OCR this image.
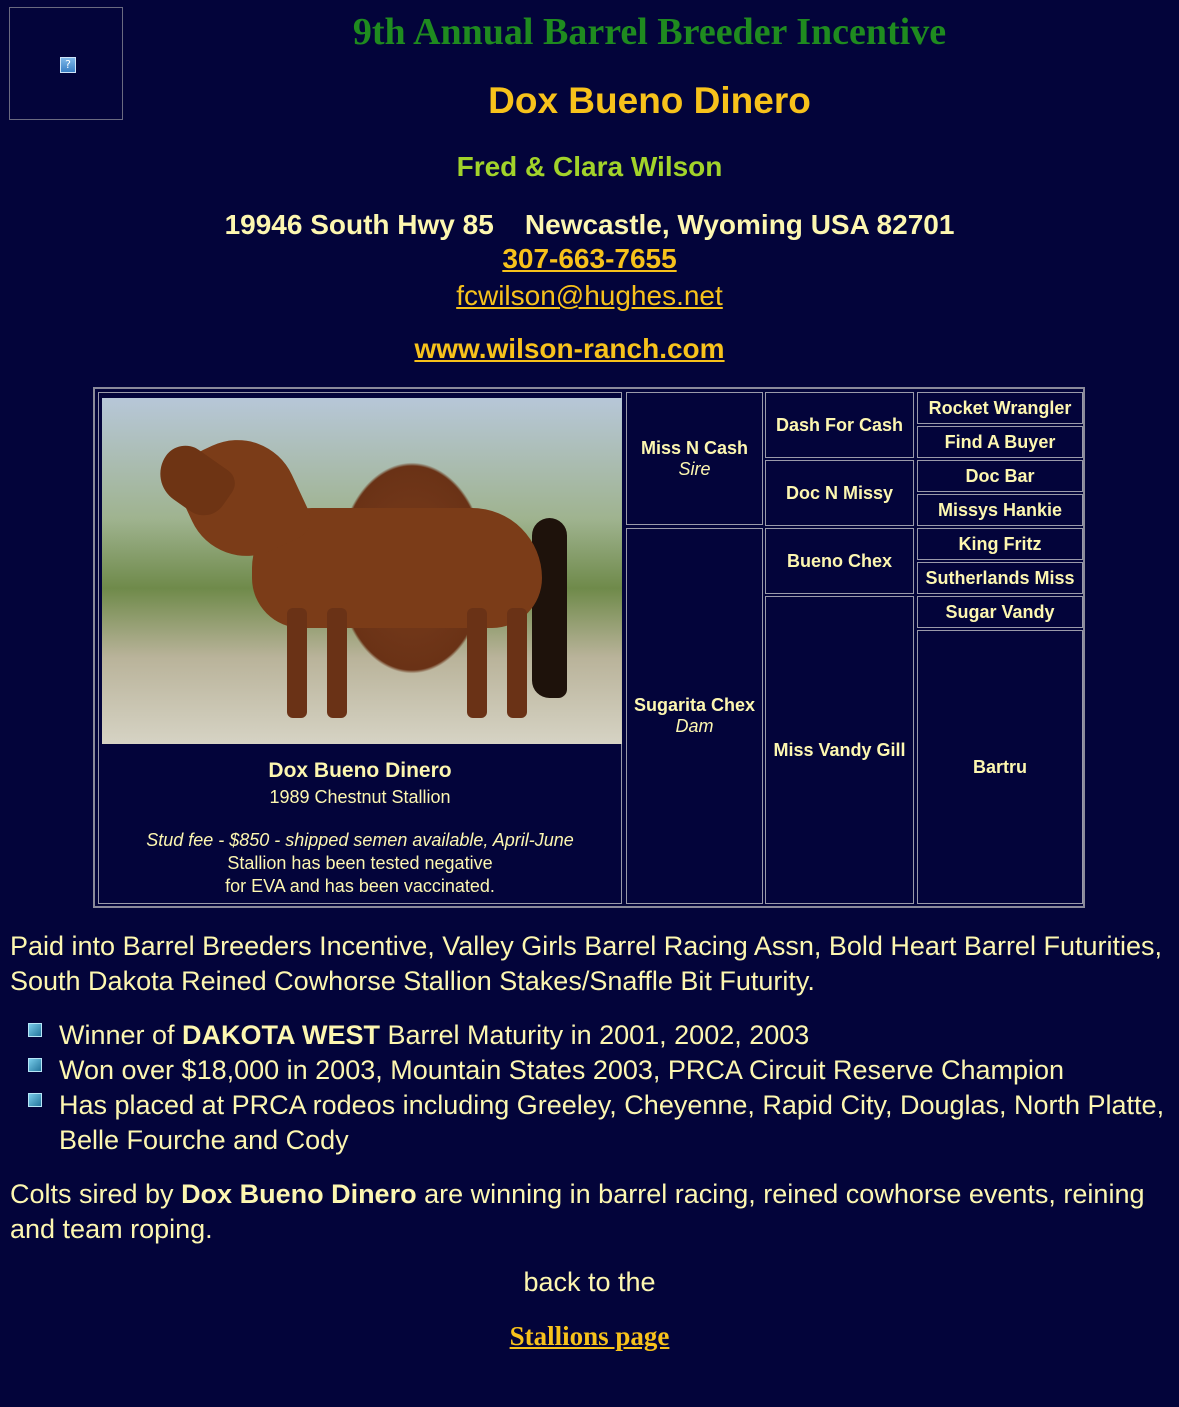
?
9th Annual Barrel Breeder Incentive
Dox Bueno Dinero
Fred & Clara Wilson
19946 South Hwy 85    Newcastle, Wyoming USA 82701
307-663-7655
fcwilson@hughes.net
www.wilson-ranch.com
Dox Bueno Dinero
1989 Chestnut Stallion
Stud fee - $850 - shipped semen available, April-June
Stallion has been tested negative
for EVA and has been vaccinated.
Miss N Cash
Sire
Sugarita Chex
Dam
Dash For Cash
Doc N Missy
Bueno Chex
Miss Vandy Gill
Rocket Wrangler
Find A Buyer
Doc Bar
Missys Hankie
King Fritz
Sutherlands Miss
Sugar Vandy
Bartru
Paid into Barrel Breeders Incentive, Valley Girls Barrel Racing Assn, Bold Heart Barrel Futurities, South Dakota Reined Cowhorse Stallion Stakes/Snaffle Bit Futurity.
Winner of DAKOTA WEST Barrel Maturity in 2001, 2002, 2003
Won over $18,000 in 2003, Mountain States 2003, PRCA Circuit Reserve Champion
Has placed at PRCA rodeos including Greeley, Cheyenne, Rapid City, Douglas, North Platte, Belle Fourche and Cody
Colts sired by Dox Bueno Dinero are winning in barrel racing, reined cowhorse events, reining and team roping.
back to the
Stallions page
